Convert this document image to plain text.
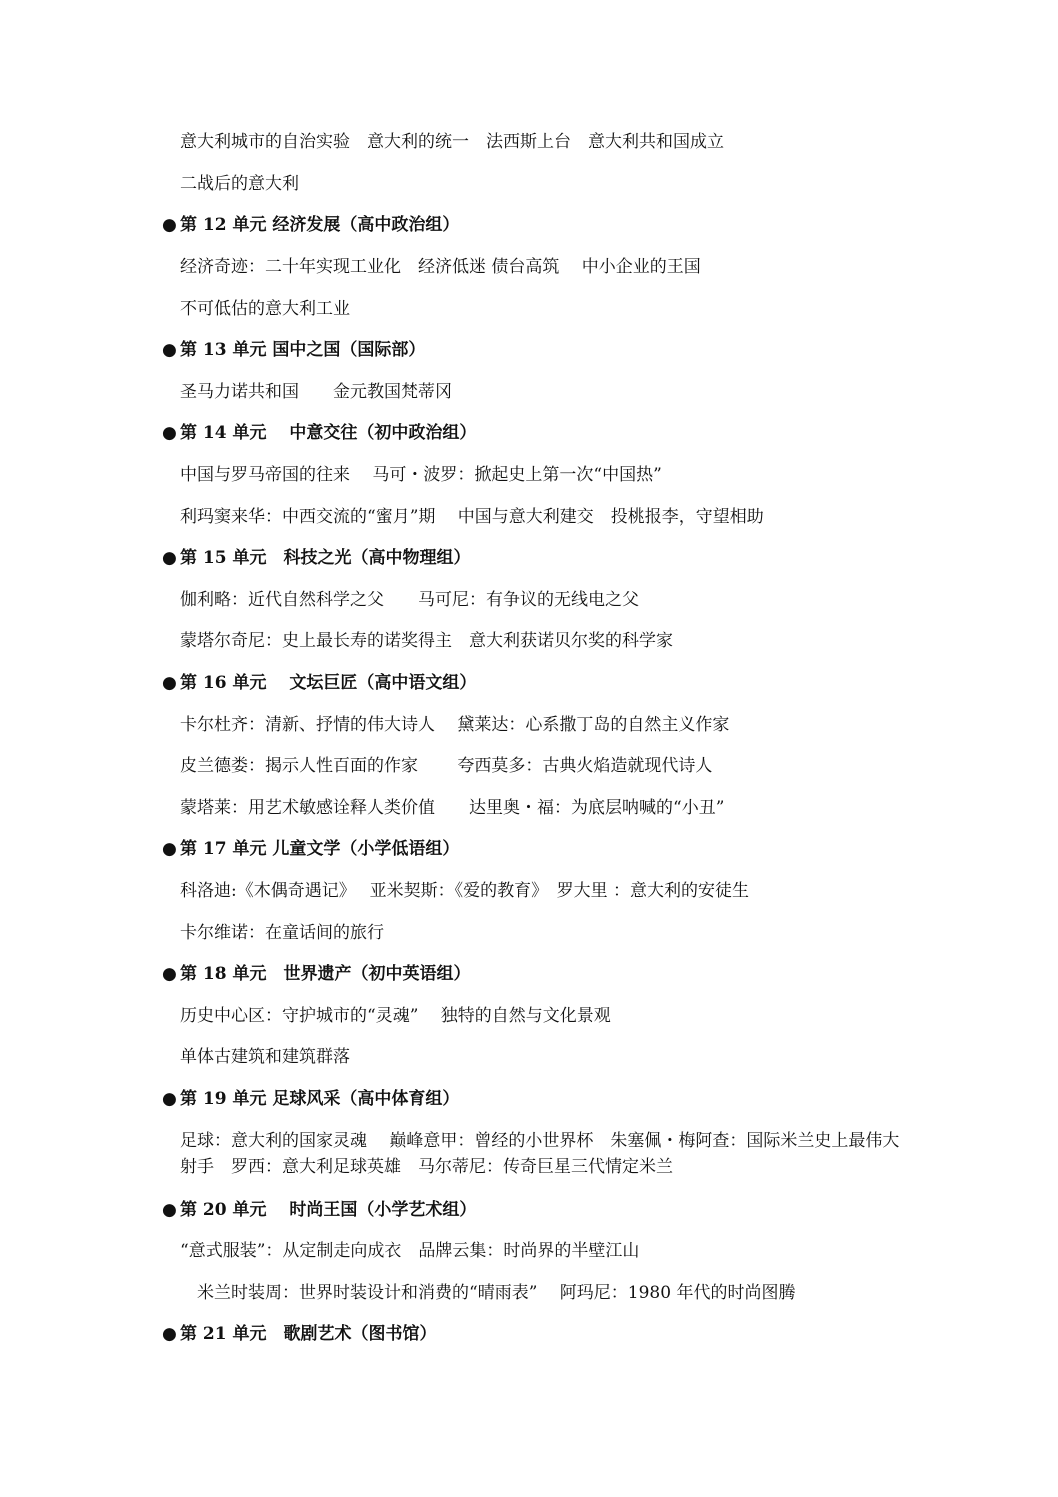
意大利城市的自治实验　意大利的统一　法西斯上台　意大利共和国成立
二战后的意大利
● 第 12 单元 经济发展（高中政治组）
经济奇迹：二十年实现工业化　经济低迷 债台高筑　 中小企业的王国
不可低估的意大利工业
● 第 13 单元 国中之国（国际部）
圣马力诺共和国　　金元教国梵蒂冈
● 第 14 单元　 中意交往（初中政治组）
中国与罗马帝国的往来　 马可・波罗：掀起史上第一次“中国热”
利玛窦来华：中西交流的“蜜月”期　 中国与意大利建交　投桃报李，守望相助
● 第 15 单元　科技之光（高中物理组）
伽利略：近代自然科学之父　　马可尼：有争议的无线电之父
蒙塔尔奇尼：史上最长寿的诺奖得主　意大利获诺贝尔奖的科学家
● 第 16 单元　 文坛巨匠（高中语文组）
卡尔杜齐：清新、抒情的伟大诗人　 黛莱达：心系撒丁岛的自然主义作家
皮兰德娄：揭示人性百面的作家　　 夸西莫多：古典火焰造就现代诗人
蒙塔莱：用艺术敏感诠释人类价值　　达里奥・福：为底层呐喊的“小丑”
● 第 17 单元 儿童文学（小学低语组）
科洛迪:《木偶奇遇记》　 亚米契斯：《爱的教育》　罗大里 ：意大利的安徒生
卡尔维诺：在童话间的旅行
● 第 18 单元　世界遗产（初中英语组）
历史中心区：守护城市的“灵魂”　 独特的自然与文化景观
单体古建筑和建筑群落
● 第 19 单元 足球风采（高中体育组）
足球：意大利的国家灵魂　 巅峰意甲：曾经的小世界杯　朱塞佩・梅阿查：国际米兰史上最伟大射手　罗西：意大利足球英雄　马尔蒂尼：传奇巨星三代情定米兰
● 第 20 单元　 时尚王国（小学艺术组）
“意式服装”：从定制走向成衣　品牌云集：时尚界的半壁江山
　米兰时装周：世界时装设计和消费的“晴雨表”　 阿玛尼：1980 年代的时尚图腾
● 第 21 单元　歌剧艺术（图书馆）
